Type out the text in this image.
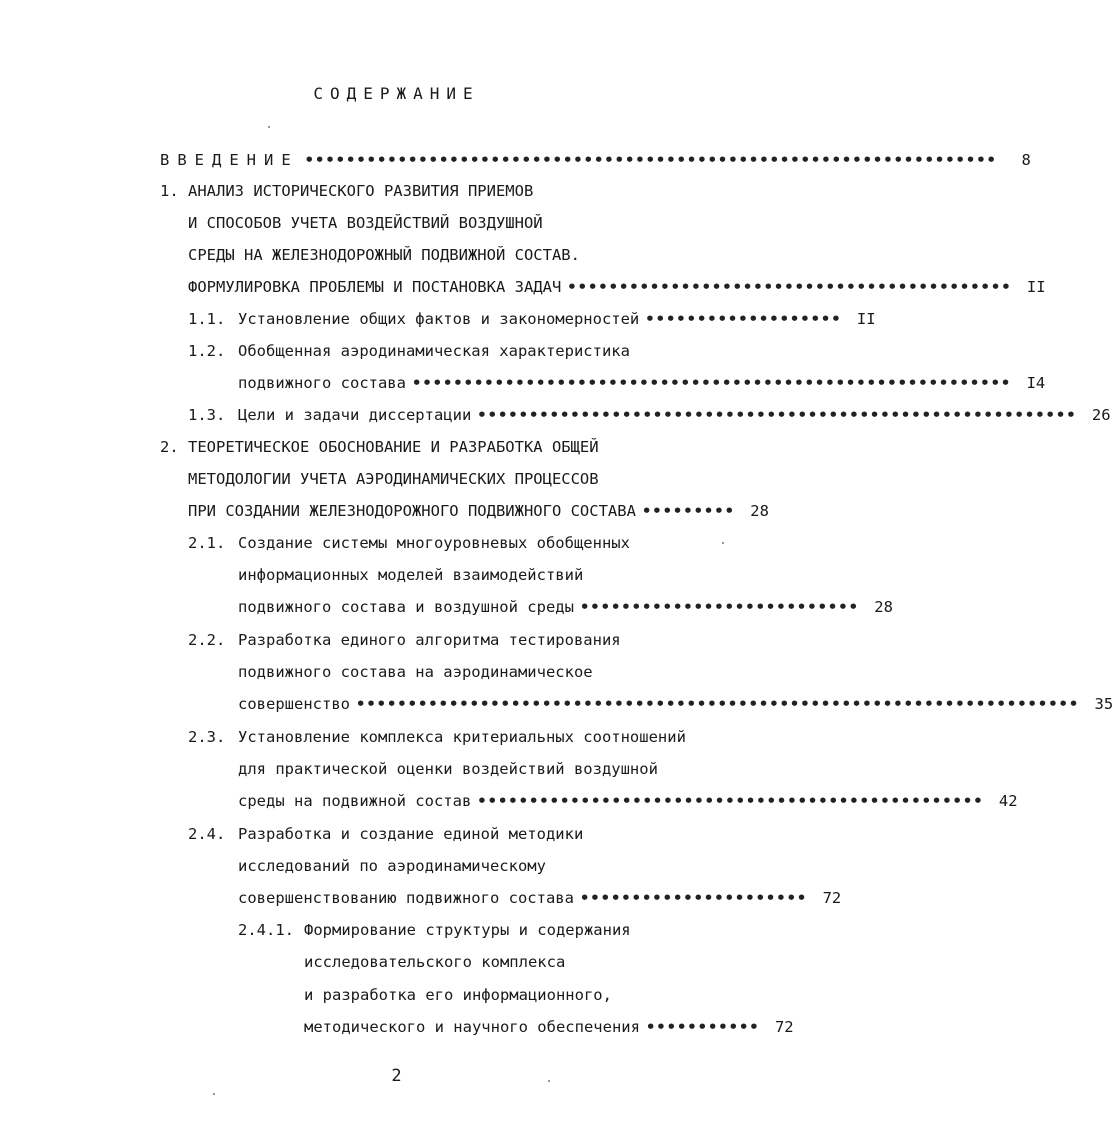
СОДЕРЖАНИЕ
ВВЕДЕНИЕ •••••••••••••••••••••••••••••••••••••••••••••••••••••••••••••••••••	8
1. АНАЛИЗ ИСТОРИЧЕСКОГО РАЗВИТИЯ ПРИЕМОВ
И СПОСОБОВ УЧЕТА ВОЗДЕЙСТВИЙ ВОЗДУШНОЙ
СРЕДЫ НА ЖЕЛЕЗНОДОРОЖНЫЙ ПОДВИЖНОЙ СОСТАВ.
ФОРМУЛИРОВКА ПРОБЛЕМЫ И ПОСТАНОВКА ЗАДАЧ ••••••••••••••••••••••••••••••••••••••••••• II
1.1. Установление общих фактов и закономерностей ••••••••••••••••••• II
1.2. Обобщенная аэродинамическая характеристика
подвижного состава •••••••••••••••••••••••••••••••••••••••••••••••••••••••••• I4
1.3. Цели и задачи диссертации •••••••••••••••••••••••••••••••••••••••••••••••••••••••••• 26
2. ТЕОРЕТИЧЕСКОЕ ОБОСНОВАНИЕ И РАЗРАБОТКА ОБЩЕЙ
МЕТОДОЛОГИИ УЧЕТА АЭРОДИНАМИЧЕСКИХ ПРОЦЕССОВ
ПРИ СОЗДАНИИ ЖЕЛЕЗНОДОРОЖНОГО ПОДВИЖНОГО СОСТАВА ••••••••• 28
2.1. Создание системы многоуровневых обобщенных
информационных моделей взаимодействий
подвижного состава и воздушной среды ••••••••••••••••••••••••••• 28
2.2. Разработка единого алгоритма тестирования
подвижного состава на аэродинамическое
совершенство •••••••••••••••••••••••••••••••••••••••••••••••••••••••••••••••••••••• 35
2.3. Установление комплекса критериальных соотношений
для практической оценки воздействий воздушной
среды на подвижной состав ••••••••••••••••••••••••••••••••••••••••••••••••• 42
2.4. Разработка и создание единой методики
исследований по аэродинамическому
совершенствованию подвижного состава •••••••••••••••••••••• 72
2.4.1. Формирование структуры и содержания
исследовательского комплекса
и разработка его информационного,
методического и научного обеспечения ••••••••••• 72
2
